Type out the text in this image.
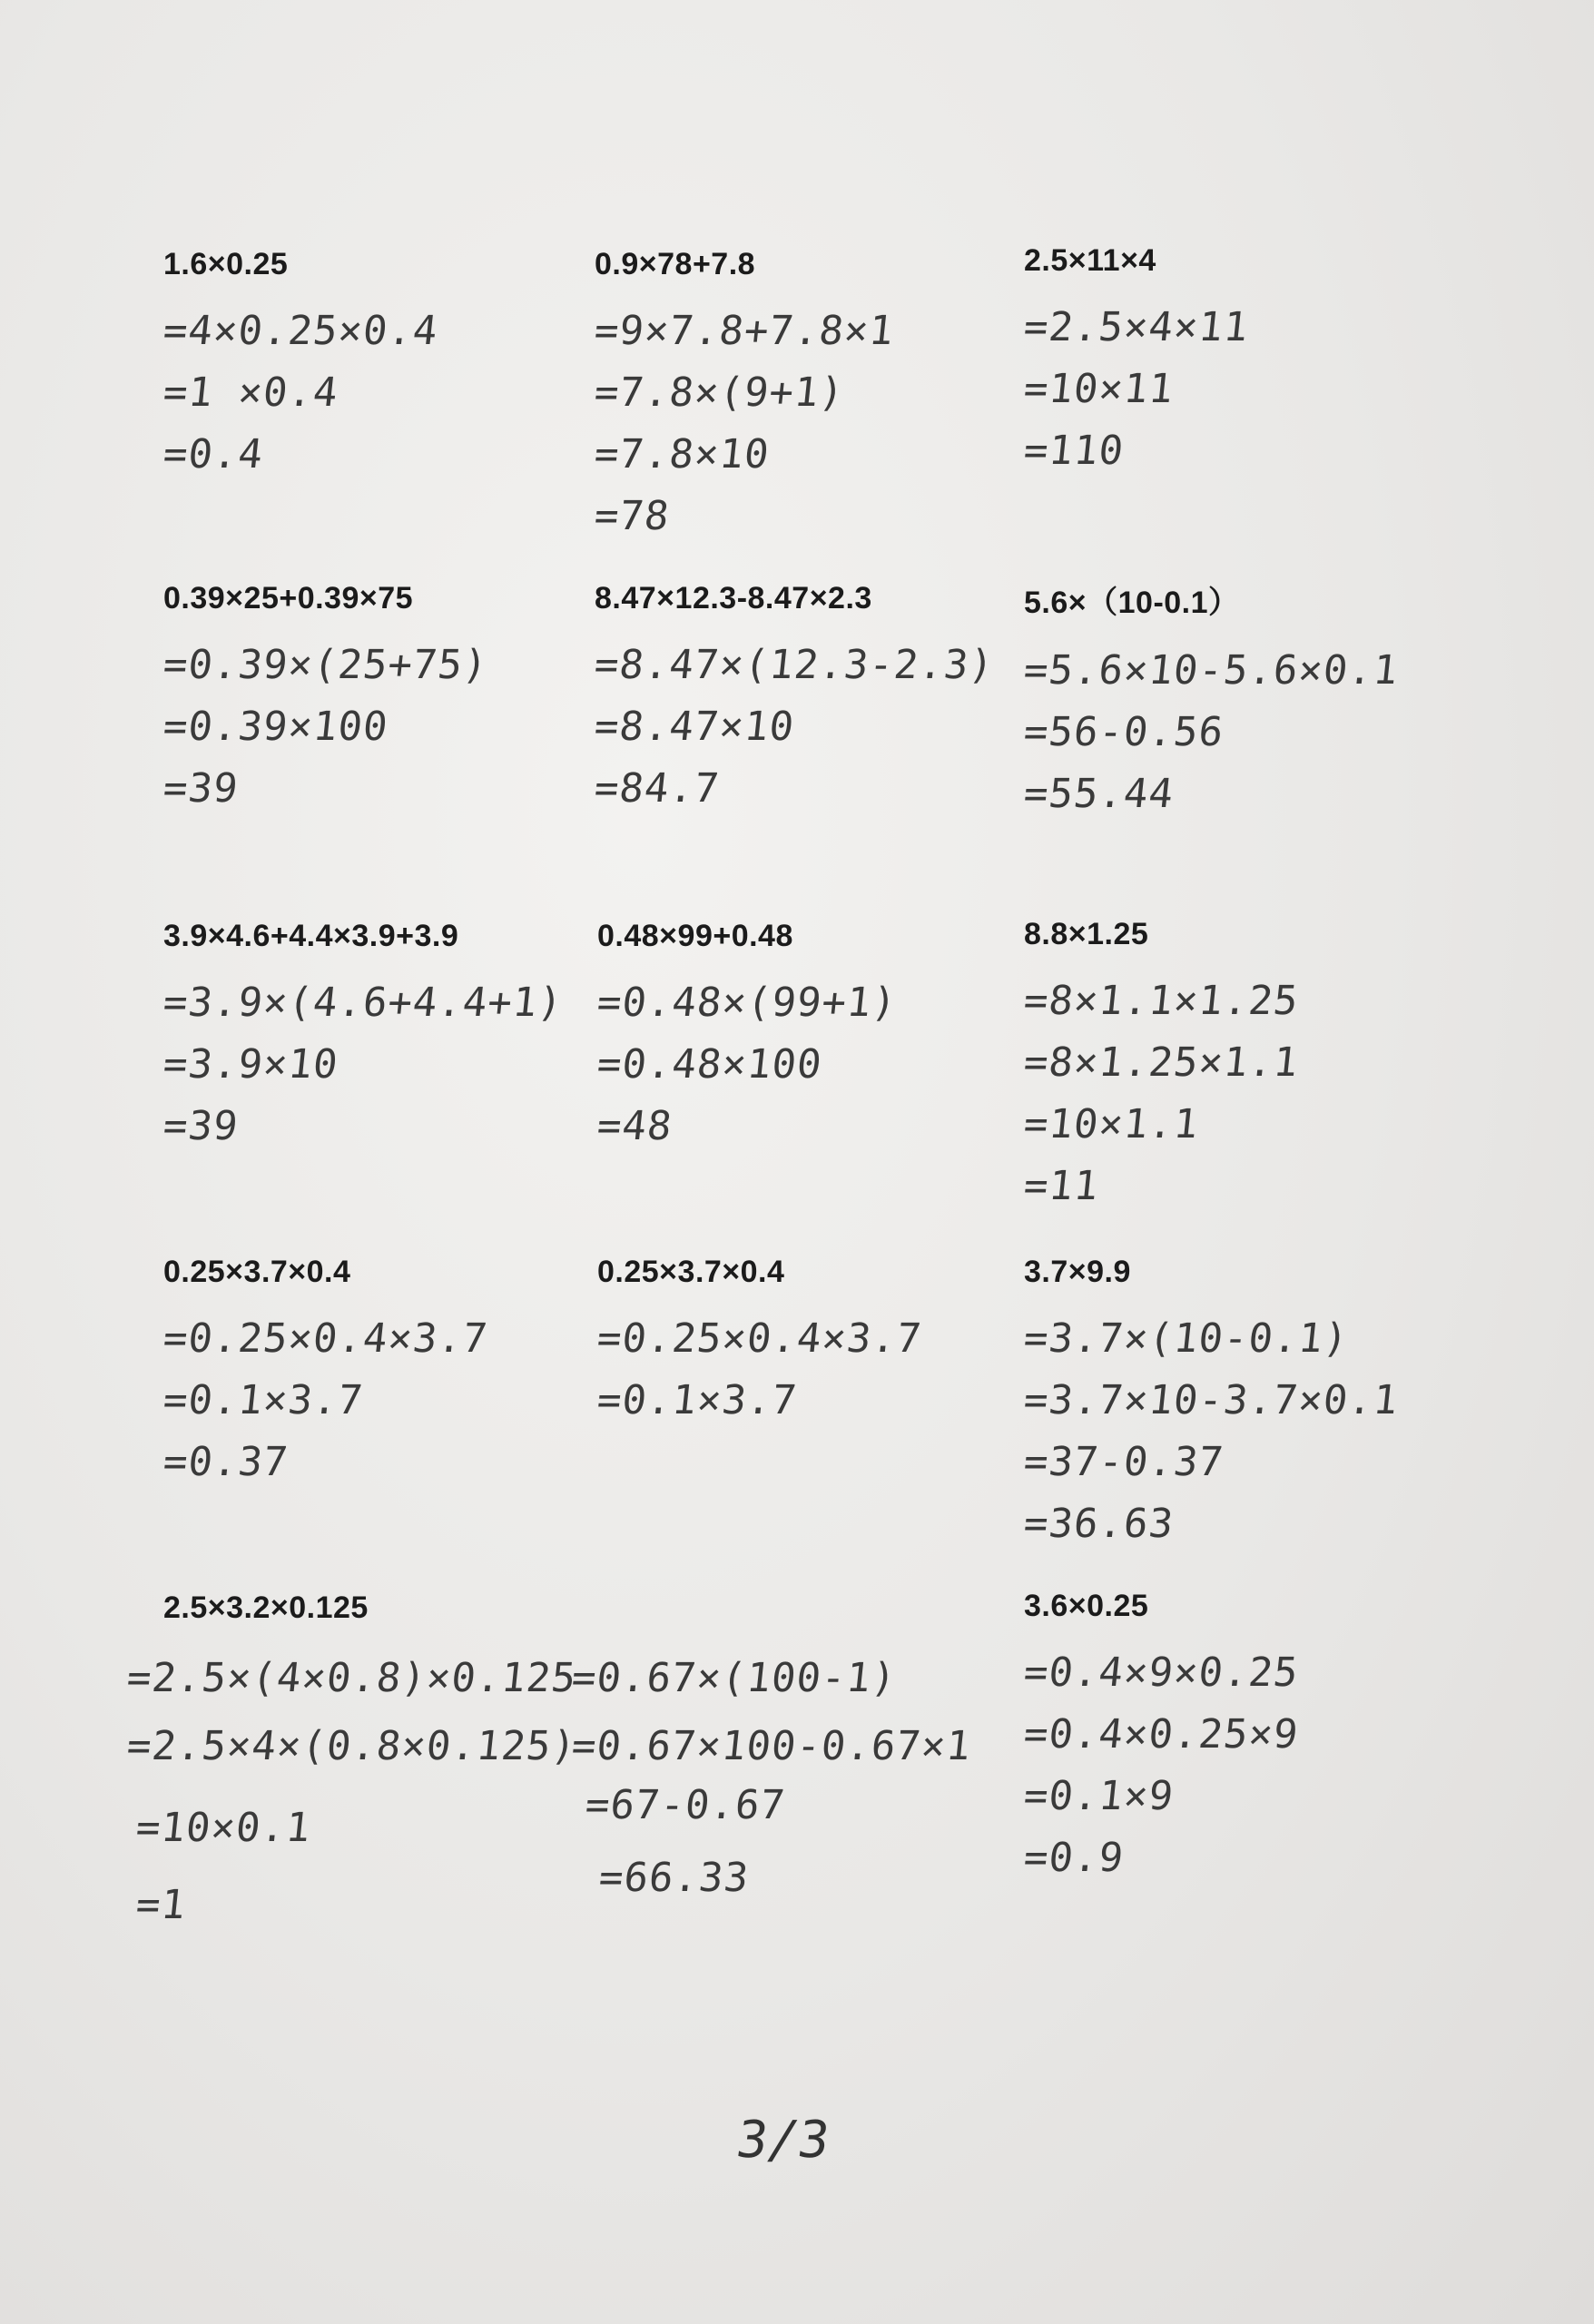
1.6×0.25
=4×0.25×0.4
=1 ×0.4
=0.4
0.9×78+7.8
=9×7.8+7.8×1
=7.8×(9+1)
=7.8×10
=78
2.5×11×4
=2.5×4×11
=10×11
=110
0.39×25+0.39×75
=0.39×(25+75)
=0.39×100
=39
8.47×12.3-8.47×2.3
=8.47×(12.3-2.3)
=8.47×10
=84.7
5.6×（10-0.1）
=5.6×10-5.6×0.1
=56-0.56
=55.44
3.9×4.6+4.4×3.9+3.9
=3.9×(4.6+4.4+1)
=3.9×10
=39
0.48×99+0.48
=0.48×(99+1)
=0.48×100
=48
8.8×1.25
=8×1.1×1.25
=8×1.25×1.1
=10×1.1
=11
0.25×3.7×0.4
=0.25×0.4×3.7
=0.1×3.7
=0.37
0.25×3.7×0.4
=0.25×0.4×3.7
=0.1×3.7
3.7×9.9
=3.7×(10-0.1)
=3.7×10-3.7×0.1
=37-0.37
=36.63
2.5×3.2×0.125
=2.5×(4×0.8)×0.125
=2.5×4×(0.8×0.125)
=10×0.1
=1
=0.67×(100-1)
=0.67×100-0.67×1
=67-0.67
=66.33
3.6×0.25
=0.4×9×0.25
=0.4×0.25×9
=0.1×9
=0.9
3/3
